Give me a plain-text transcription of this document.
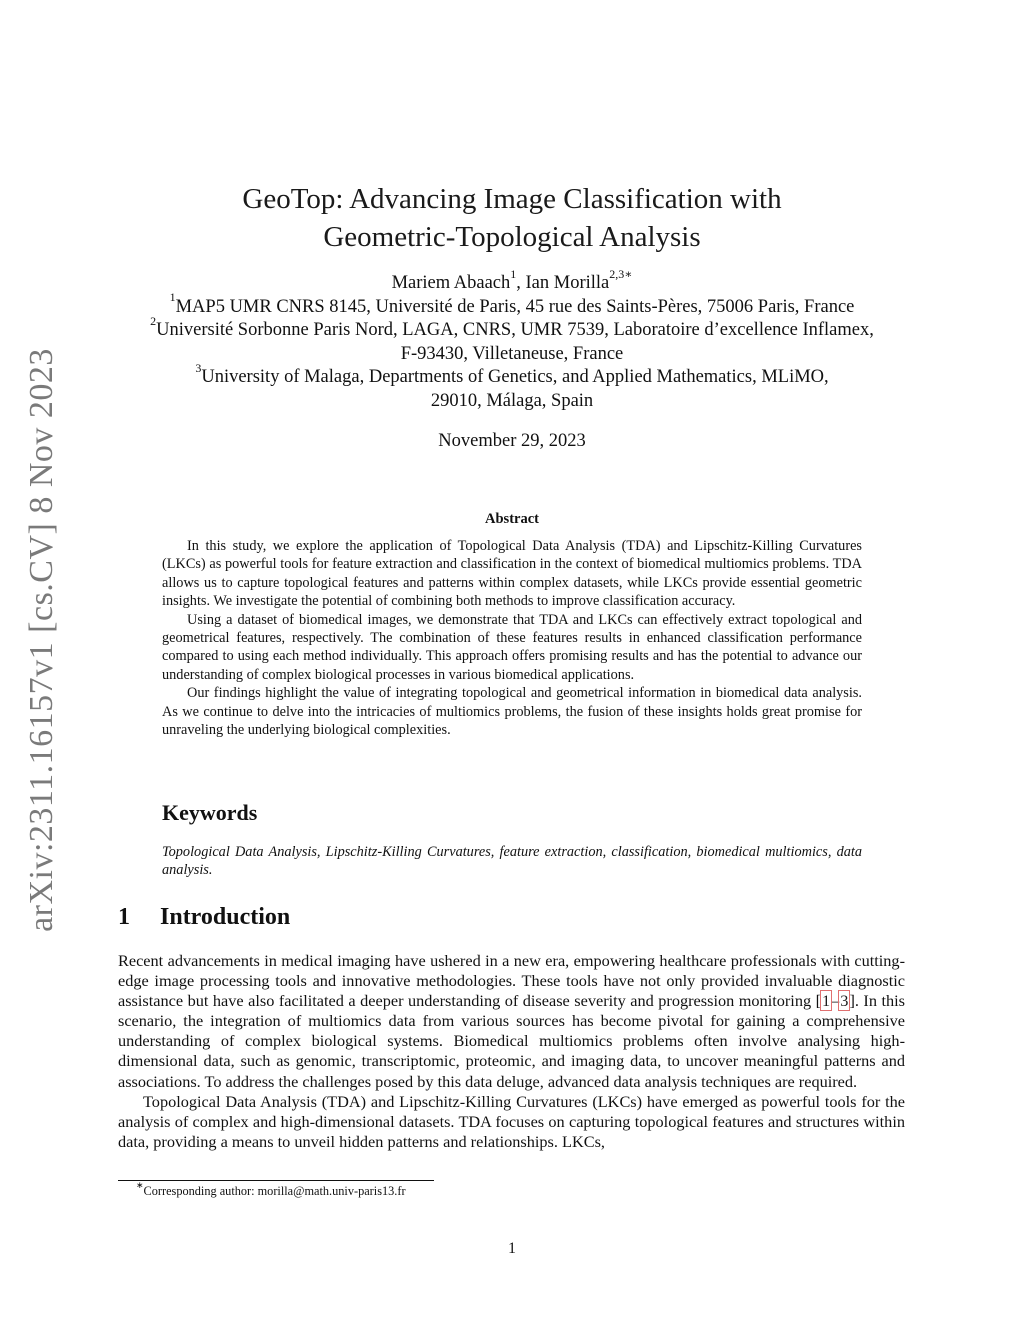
arXiv:2311.16157v1 [cs.CV] 8 Nov 2023
GeoTop: Advancing Image Classification with
Geometric-Topological Analysis
Mariem Abaach$^1$, Ian Morilla$^{2,3∗}$
$^1$MAP5 UMR CNRS 8145, Université de Paris, 45 rue des Saints-Pères, 75006 Paris, France
$^2$Université Sorbonne Paris Nord, LAGA, CNRS, UMR 7539, Laboratoire d’excellence Inflamex,
F-93430, Villetaneuse, France
$^3$University of Malaga, Departments of Genetics, and Applied Mathematics, MLiMO,
29010, Málaga, Spain
November 29, 2023
Abstract

In this study, we explore the application of Topological Data Analysis (TDA) and Lipschitz-Killing Curvatures (LKCs) as powerful tools for feature extraction and classification in the context of biomedical multiomics problems. TDA allows us to capture topological features and patterns within complex datasets, while LKCs provide essential geometric insights. We investigate the potential of combining both methods to improve classification accuracy.

Using a dataset of biomedical images, we demonstrate that TDA and LKCs can effectively extract topological and geometrical features, respectively. The combination of these features results in enhanced classification performance compared to using each method individually. This approach offers promising results and has the potential to advance our understanding of complex biological processes in various biomedical applications.

Our findings highlight the value of integrating topological and geometrical information in biomedical data analysis. As we continue to delve into the intricacies of multiomics problems, the fusion of these insights holds great promise for unraveling the underlying biological complexities.

Keywords
Topological Data Analysis, Lipschitz-Killing Curvatures, feature extraction, classification, biomedical multiomics, data analysis.
1 Introduction

Recent advancements in medical imaging have ushered in a new era, empowering healthcare professionals with cutting-edge image processing tools and innovative methodologies. These tools have not only provided invaluable diagnostic assistance but have also facilitated a deeper understanding of disease severity and progression monitoring [1–3]. In this scenario, the integration of multiomics data from various sources has become pivotal for gaining a comprehensive understanding of complex biological systems. Biomedical multiomics problems often involve analysing high-dimensional data, such as genomic, transcriptomic, proteomic, and imaging data, to uncover meaningful patterns and associations. To address the challenges posed by this data deluge, advanced data analysis techniques are required.

Topological Data Analysis (TDA) and Lipschitz-Killing Curvatures (LKCs) have emerged as powerful tools for the analysis of complex and high-dimensional datasets. TDA focuses on capturing topological features and structures within data, providing a means to unveil hidden patterns and relationships. LKCs,

∗Corresponding author: morilla@math.univ-paris13.fr
1
